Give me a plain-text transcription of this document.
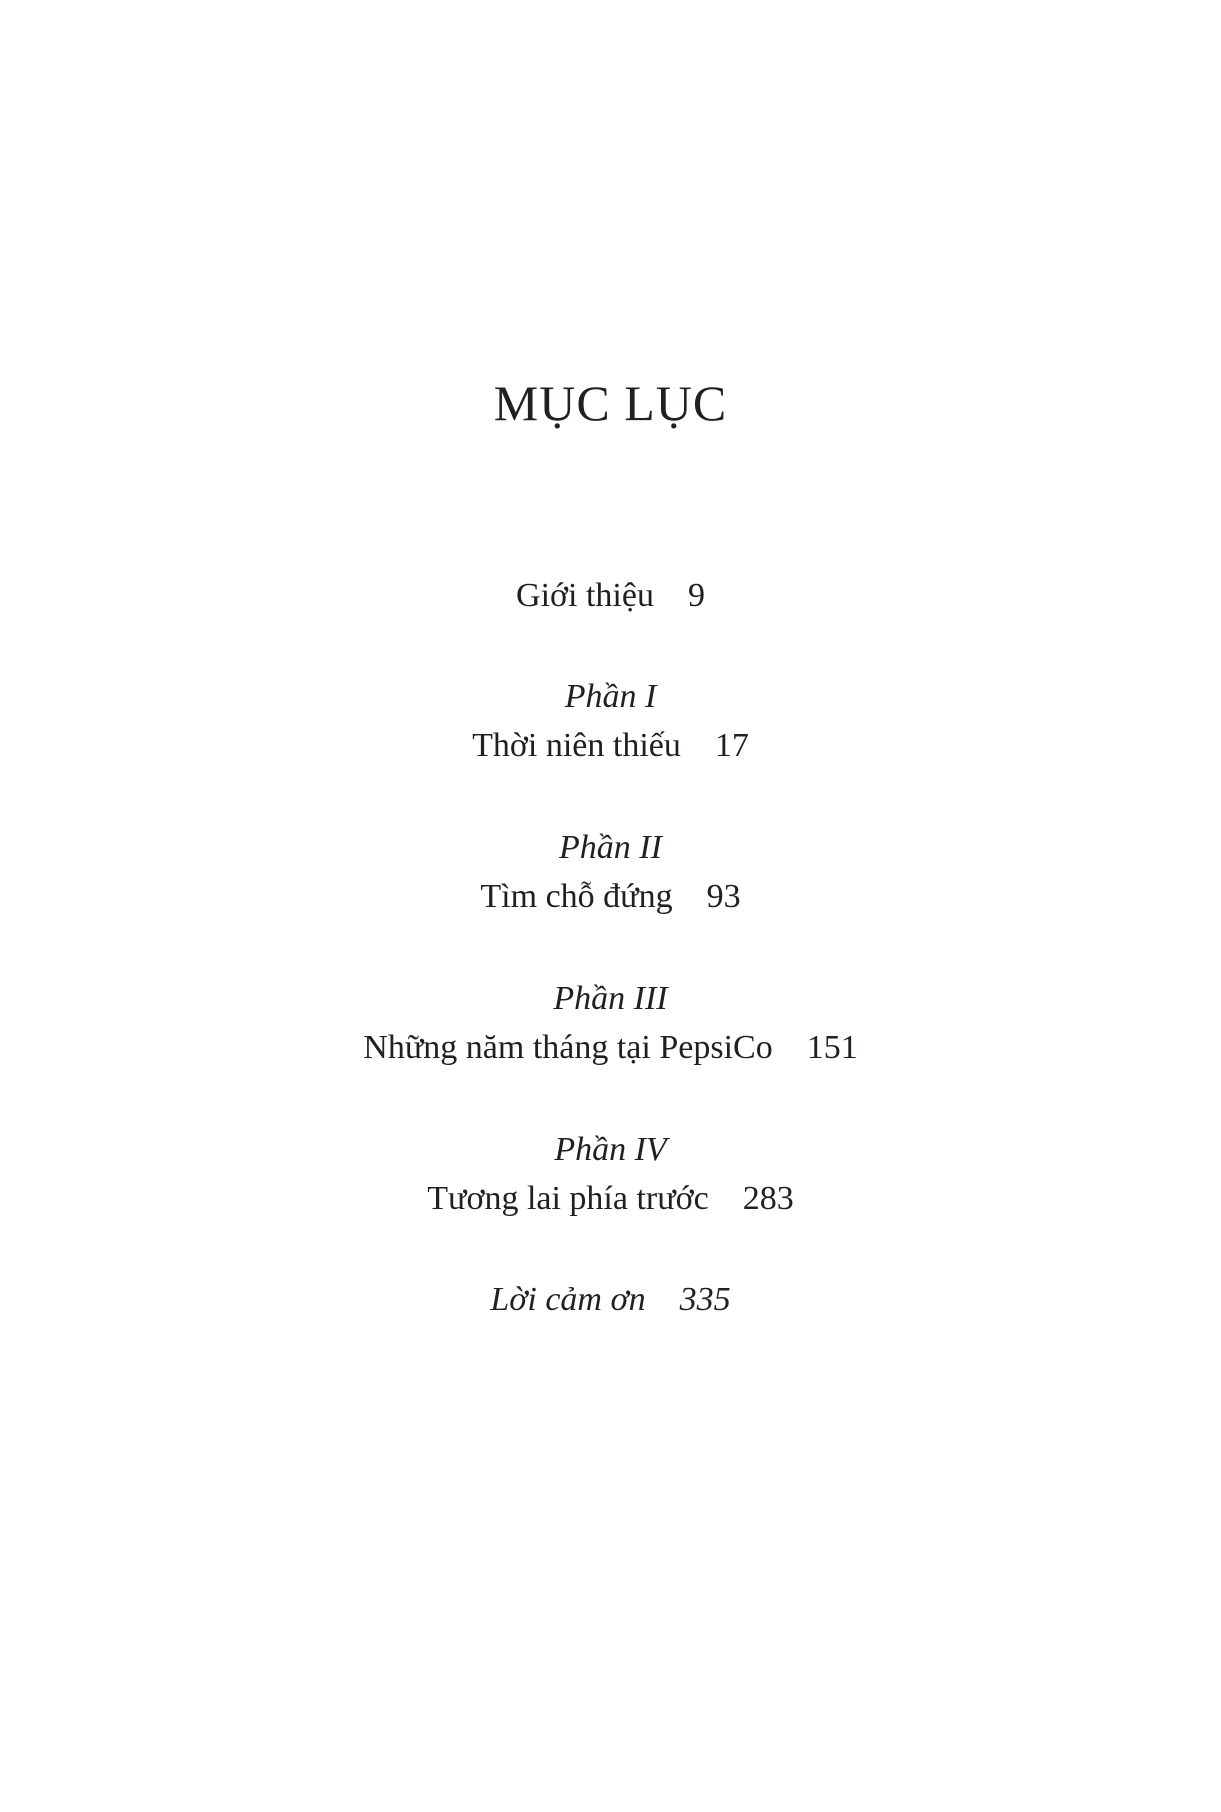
MỤC LỤC
Giới thiệu 9
Phần I
Thời niên thiếu 17
Phần II
Tìm chỗ đứng 93
Phần III
Những năm tháng tại PepsiCo 151
Phần IV
Tương lai phía trước 283
Lời cảm ơn 335
